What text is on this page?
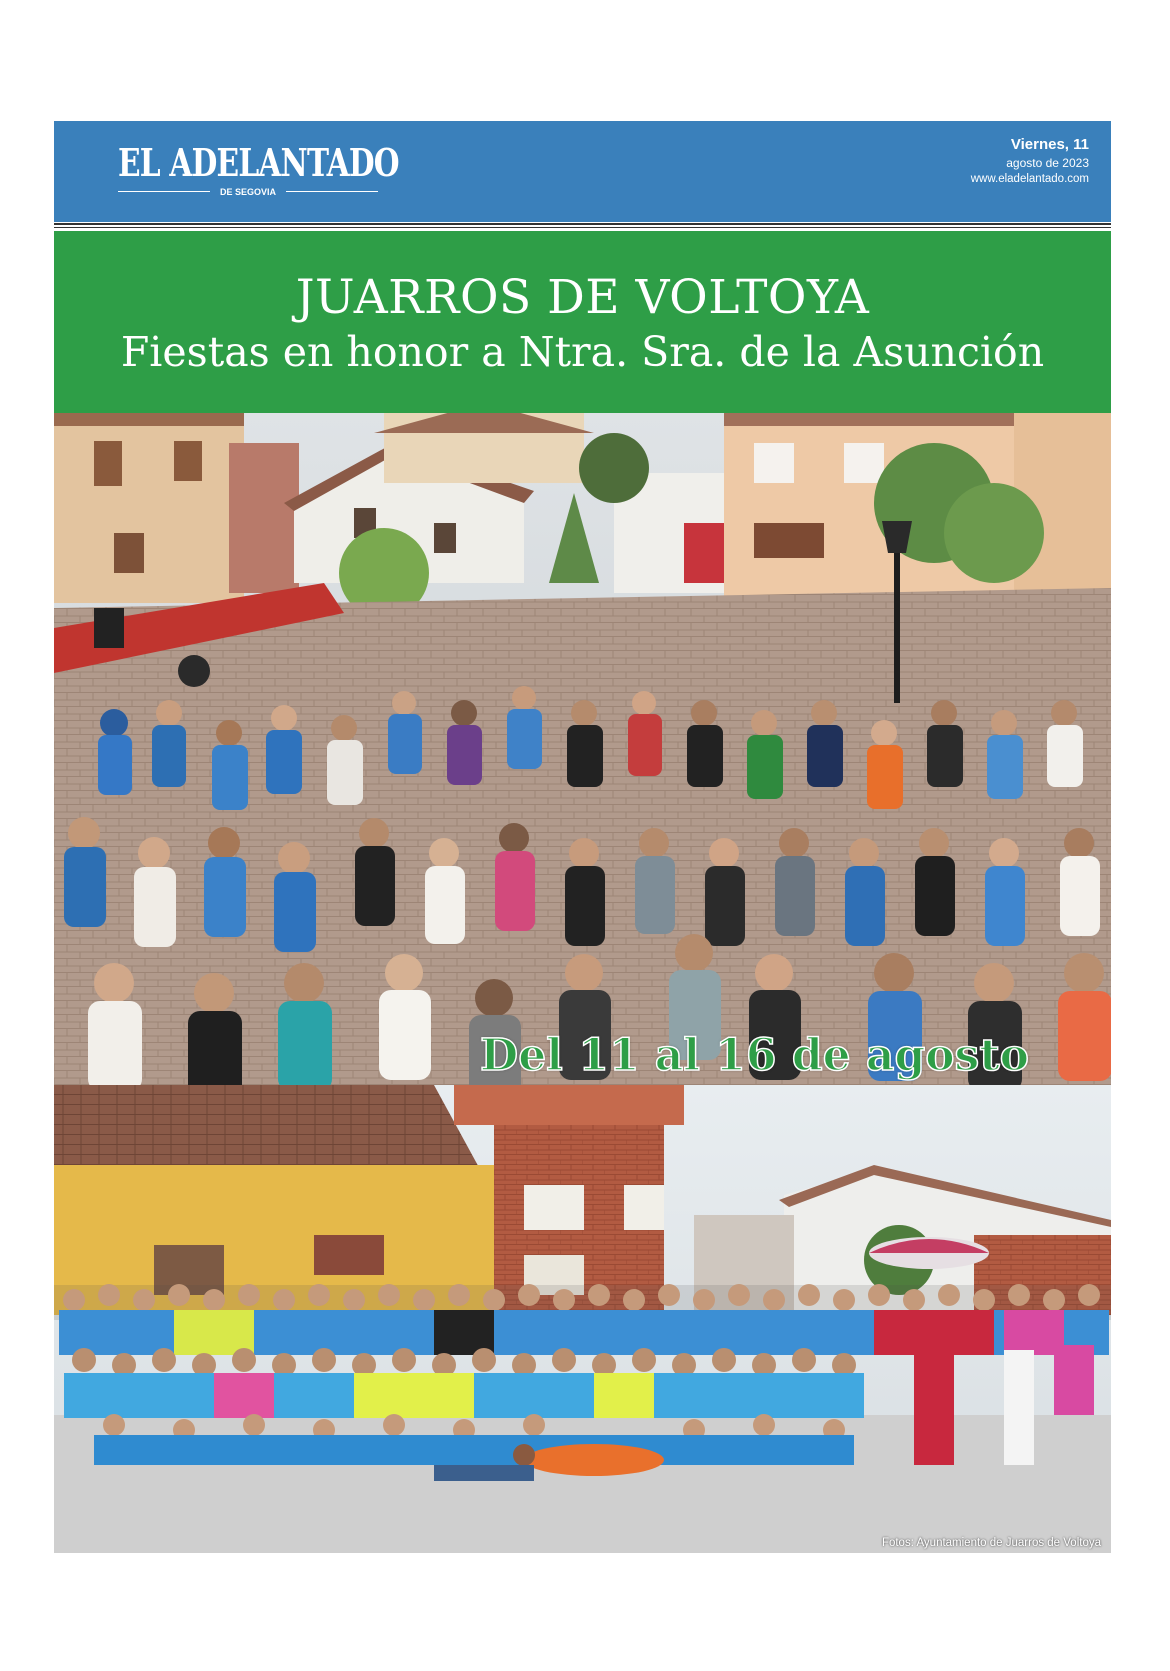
EL ADELANTADO
DE SEGOVIA
Viernes, 11
agosto de 2023
www.eladelantado.com
JUARROS DE VOLTOYA
Fiestas en honor a Ntra. Sra. de la Asunción
Del 11 al 16 de agosto
Fotos: Ayuntamiento de Juarros de Voltoya
